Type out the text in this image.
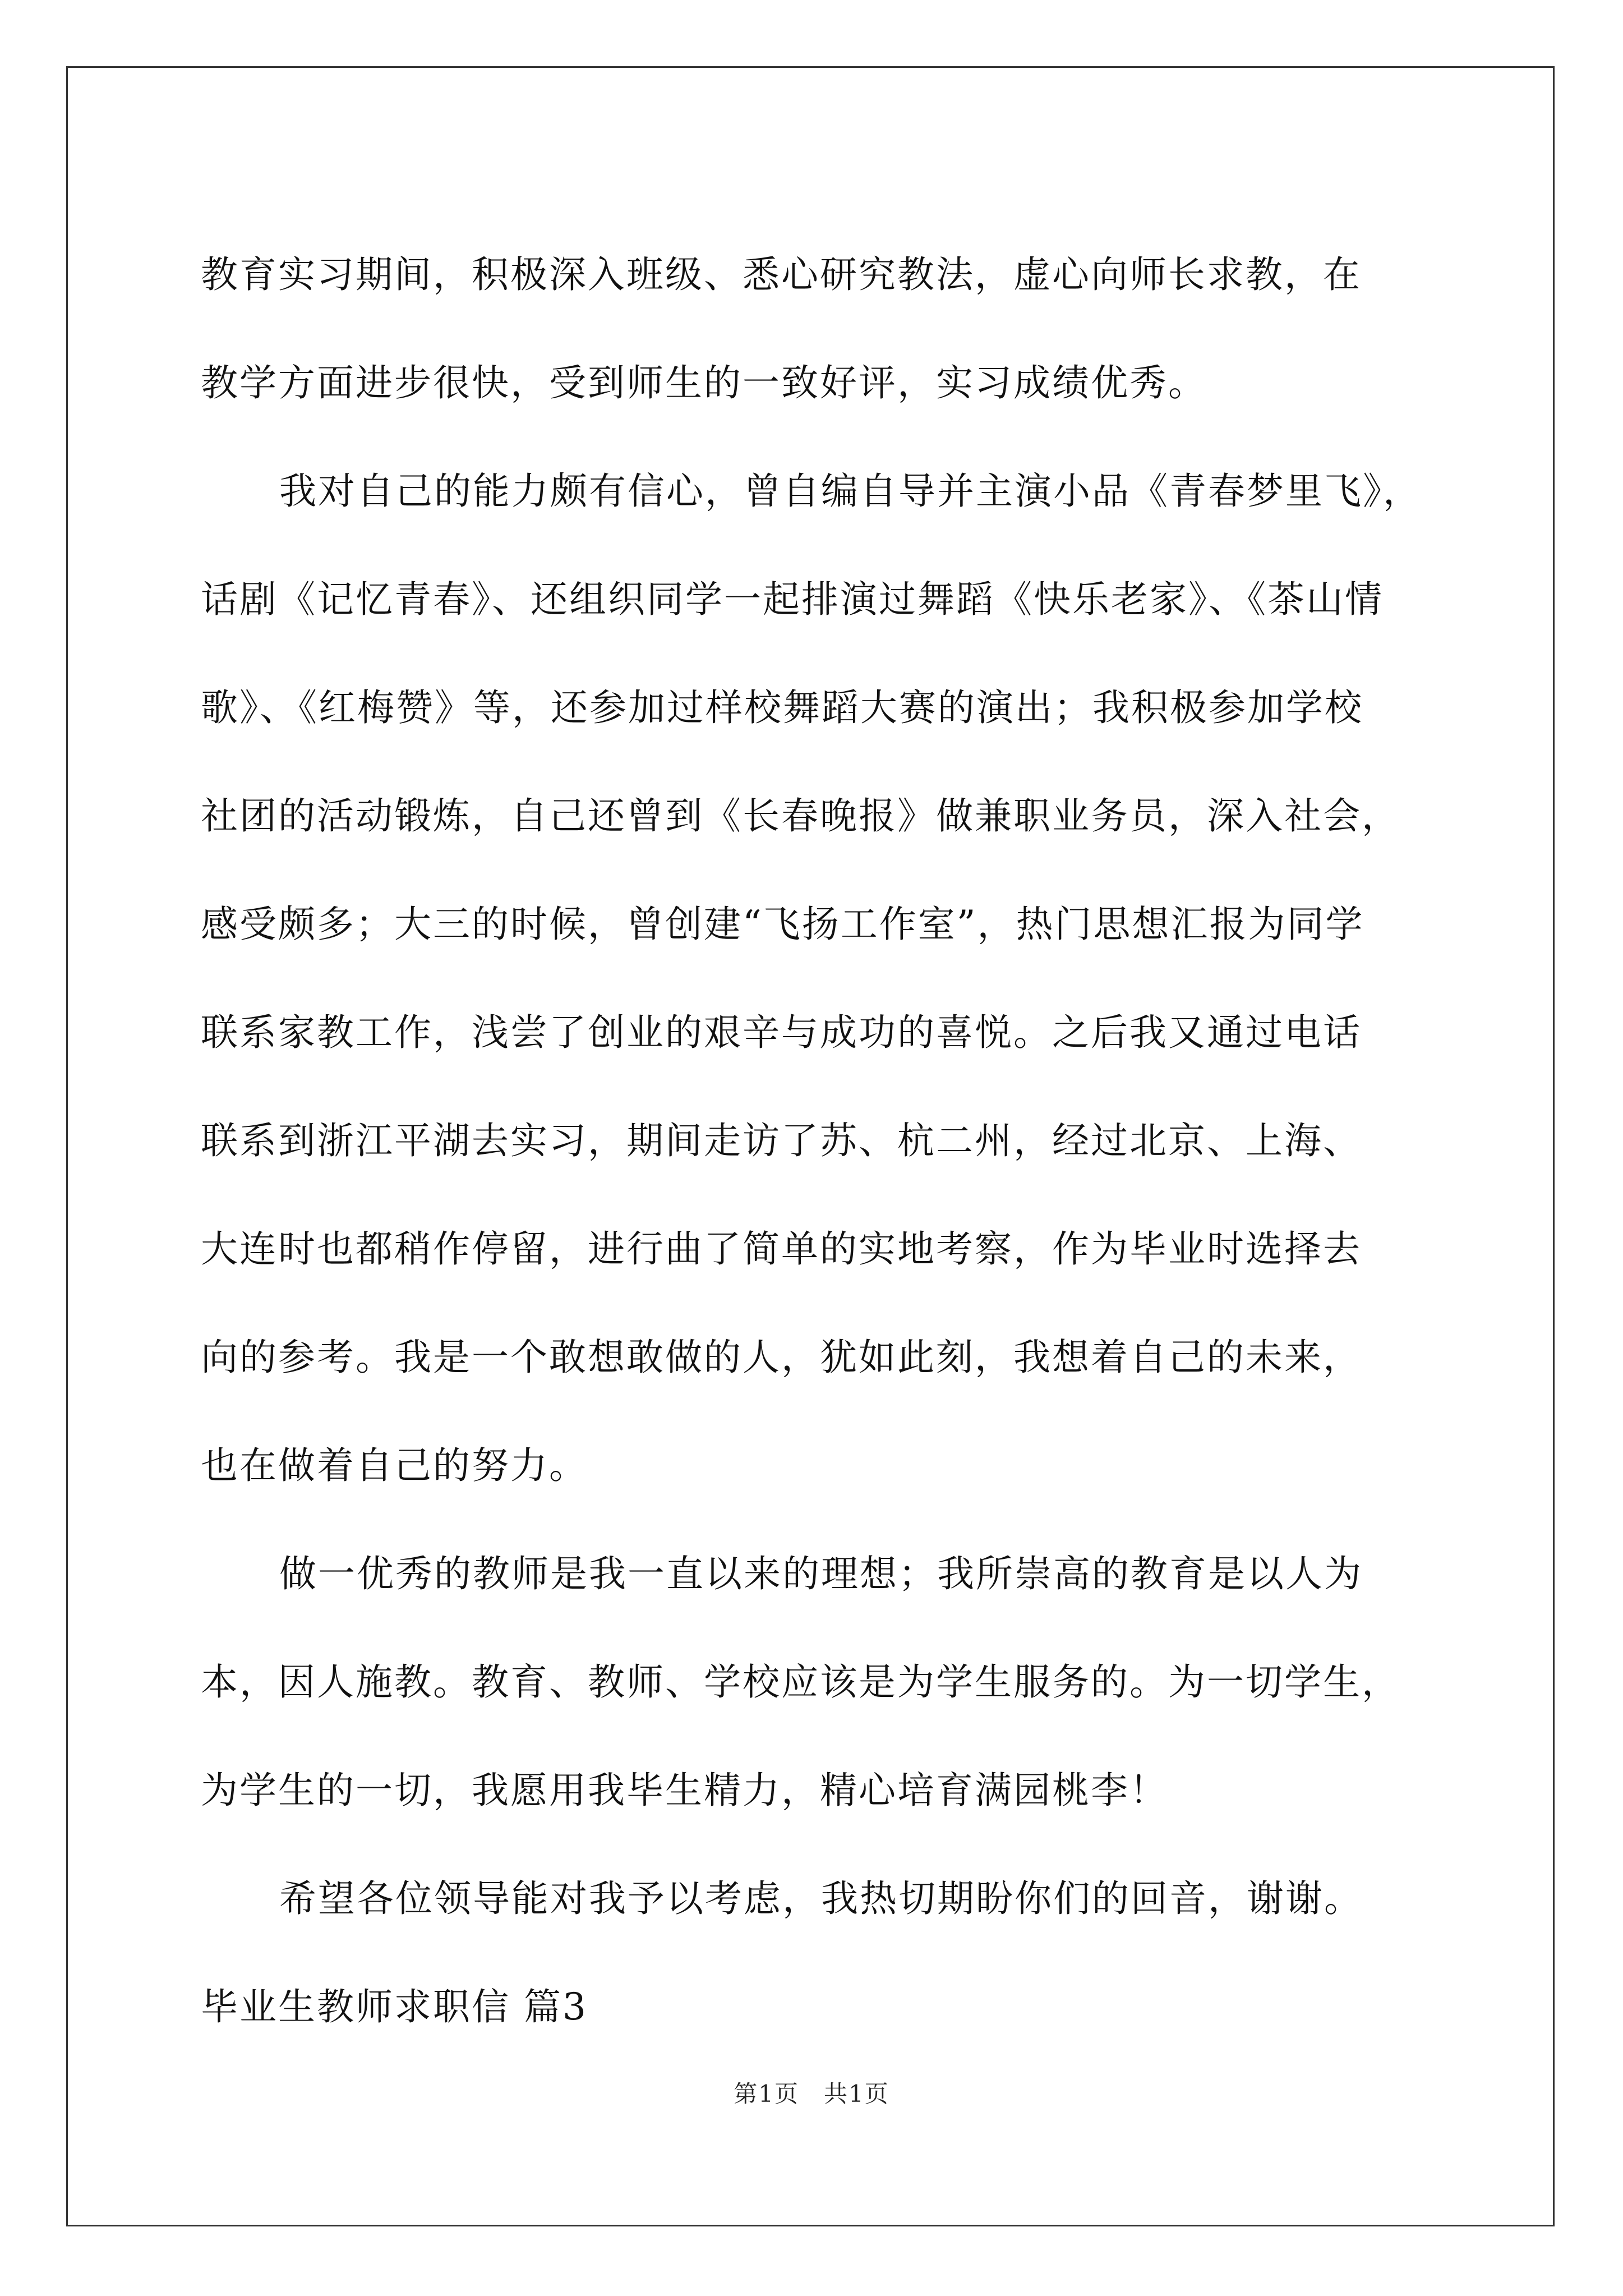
教育实习期间，积极深入班级、悉心研究教法，虚心向师长求教，在
教学方面进步很快，受到师生的一致好评，实习成绩优秀。
我对自己的能力颇有信心，曾自编自导并主演小品《青春梦里飞》，
话剧《记忆青春》、还组织同学一起排演过舞蹈《快乐老家》、《茶山情
歌》、《红梅赞》等，还参加过样校舞蹈大赛的演出；我积极参加学校
社团的活动锻炼，自己还曾到《长春晚报》做兼职业务员，深入社会，
感受颇多；大三的时候，曾创建“飞扬工作室”，热门思想汇报为同学
联系家教工作，浅尝了创业的艰辛与成功的喜悦。之后我又通过电话
联系到浙江平湖去实习，期间走访了苏、杭二州，经过北京、上海、
大连时也都稍作停留，进行曲了简单的实地考察，作为毕业时选择去
向的参考。我是一个敢想敢做的人，犹如此刻，我想着自己的未来，
也在做着自己的努力。
做一优秀的教师是我一直以来的理想；我所崇高的教育是以人为
本，因人施教。教育、教师、学校应该是为学生服务的。为一切学生，
为学生的一切，我愿用我毕生精力，精心培育满园桃李！
希望各位领导能对我予以考虑，我热切期盼你们的回音，谢谢。
毕业生教师求职信 篇3
第1页　共1页
